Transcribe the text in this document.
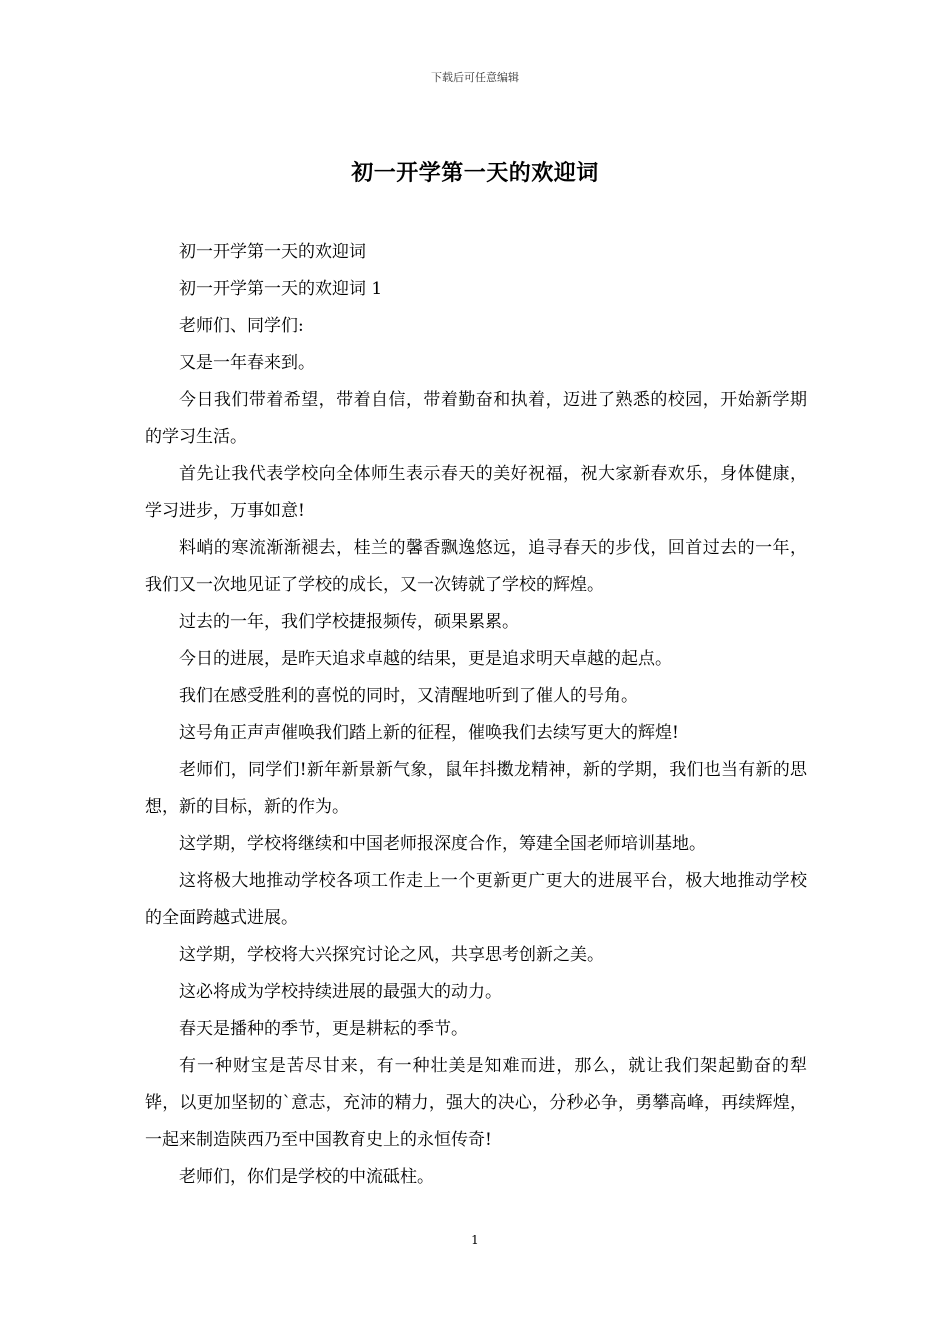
下载后可任意编辑
初一开学第一天的欢迎词

初一开学第一天的欢迎词

初一开学第一天的欢迎词 1

老师们、同学们:

又是一年春来到。

今日我们带着希望，带着自信，带着勤奋和执着，迈进了熟悉的校园，开始新学期的学习生活。

首先让我代表学校向全体师生表示春天的美好祝福，祝大家新春欢乐，身体健康，学习进步，万事如意!

料峭的寒流渐渐褪去，桂兰的馨香飘逸悠远，追寻春天的步伐，回首过去的一年，我们又一次地见证了学校的成长，又一次铸就了学校的辉煌。

过去的一年，我们学校捷报频传，硕果累累。

今日的进展，是昨天追求卓越的结果，更是追求明天卓越的起点。

我们在感受胜利的喜悦的同时，又清醒地听到了催人的号角。

这号角正声声催唤我们踏上新的征程，催唤我们去续写更大的辉煌!

老师们，同学们!新年新景新气象，鼠年抖擞龙精神，新的学期，我们也当有新的思想，新的目标，新的作为。

这学期，学校将继续和中国老师报深度合作，筹建全国老师培训基地。

这将极大地推动学校各项工作走上一个更新更广更大的进展平台，极大地推动学校的全面跨越式进展。

这学期，学校将大兴探究讨论之风，共享思考创新之美。

这必将成为学校持续进展的最强大的动力。

春天是播种的季节，更是耕耘的季节。

有一种财宝是苦尽甘来，有一种壮美是知难而进，那么，就让我们架起勤奋的犁铧，以更加坚韧的`意志，充沛的精力，强大的决心，分秒必争，勇攀高峰，再续辉煌，一起来制造陕西乃至中国教育史上的永恒传奇!

老师们，你们是学校的中流砥柱。

1
